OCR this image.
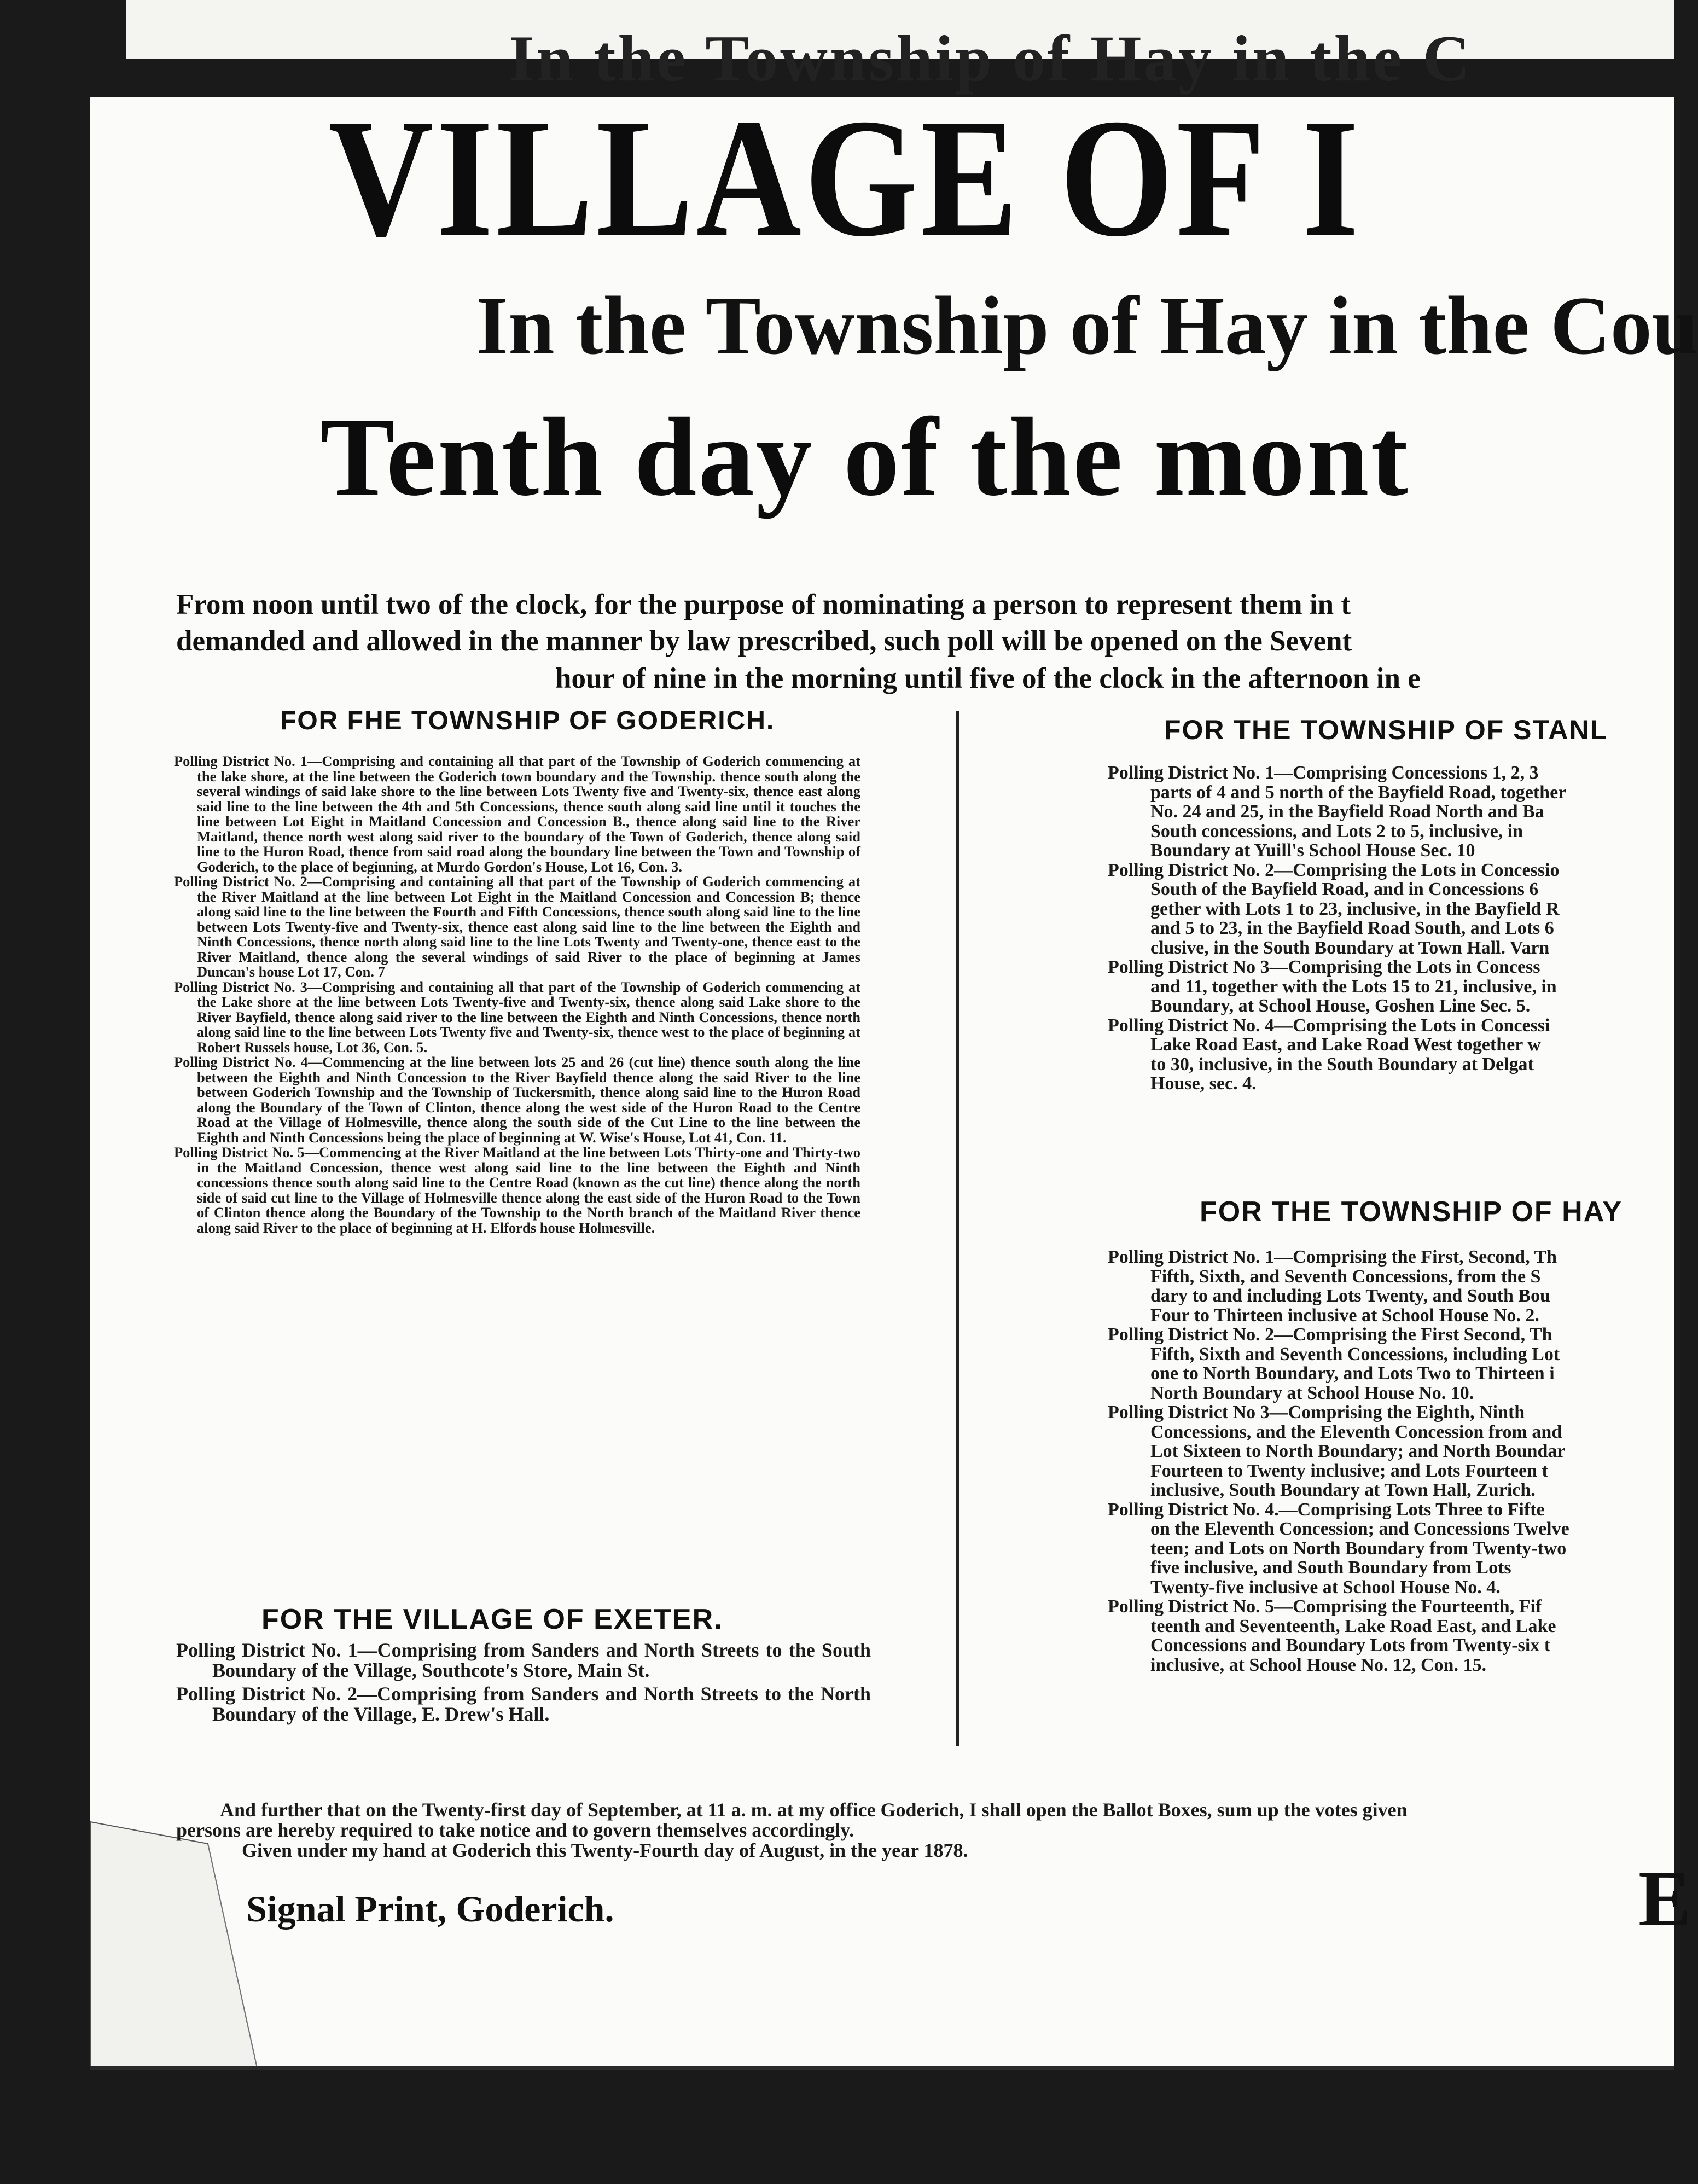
In the Township of Hay in the C
VILLAGE OF I
In the Township of Hay in the Cou
Tenth day of the mont
From noon until two of the clock, for the purpose of nominating a person to represent them in t
demanded and allowed in the manner by law prescribed, such poll will be opened on the Sevent
hour of nine in the morning until five of the clock in the afternoon in e
FOR FHE TOWNSHIP OF GODERICH.

Polling District No. 1—Comprising and containing all that part of the Township of Goderich commencing at the lake shore, at the line between the Goderich town boundary and the Township. thence south along the several windings of said lake shore to the line between Lots Twenty five and Twenty-six, thence east along said line to the line between the 4th and 5th Concessions, thence south along said line until it touches the line between Lot Eight in Maitland Concession and Concession B., thence along said line to the River Maitland, thence north west along said river to the boundary of the Town of Goderich, thence along said line to the Huron Road, thence from said road along the boundary line between the Town and Township of Goderich, to the place of beginning, at Murdo Gordon's House, Lot 16, Con. 3.

Polling District No. 2—Comprising and containing all that part of the Township of Goderich commencing at the River Maitland at the line between Lot Eight in the Maitland Concession and Concession B; thence along said line to the line between the Fourth and Fifth Concessions, thence south along said line to the line between Lots Twenty-five and Twenty-six, thence east along said line to the line between the Eighth and Ninth Concessions, thence north along said line to the line Lots Twenty and Twenty-one, thence east to the River Maitland, thence along the several windings of said River to the place of beginning at James Duncan's house Lot 17, Con. 7

Polling District No. 3—Comprising and containing all that part of the Township of Goderich commencing at the Lake shore at the line between Lots Twenty-five and Twenty-six, thence along said Lake shore to the River Bayfield, thence along said river to the line between the Eighth and Ninth Concessions, thence north along said line to the line between Lots Twenty five and Twenty-six, thence west to the place of beginning at Robert Russels house, Lot 36, Con. 5.

Polling District No. 4—Commencing at the line between lots 25 and 26 (cut line) thence south along the line between the Eighth and Ninth Concession to the River Bayfield thence along the said River to the line between Goderich Township and the Township of Tuckersmith, thence along said line to the Huron Road along the Boundary of the Town of Clinton, thence along the west side of the Huron Road to the Centre Road at the Village of Holmesville, thence along the south side of the Cut Line to the line between the Eighth and Ninth Concessions being the place of beginning at W. Wise's House, Lot 41, Con. 11.

Polling District No. 5—Commencing at the River Maitland at the line between Lots Thirty-one and Thirty-two in the Maitland Concession, thence west along said line to the line between the Eighth and Ninth concessions thence south along said line to the Centre Road (known as the cut line) thence along the north side of said cut line to the Village of Holmesville thence along the east side of the Huron Road to the Town of Clinton thence along the Boundary of the Township to the North branch of the Maitland River thence along said River to the place of beginning at H. Elfords house Holmesville.

FOR THE VILLAGE OF EXETER.

Polling District No. 1—Comprising from Sanders and North Streets to the South Boundary of the Village, Southcote's Store, Main St.

Polling District No. 2—Comprising from Sanders and North Streets to the North Boundary of the Village, E. Drew's Hall.

FOR THE TOWNSHIP OF STANL
Polling District No. 1—Comprising Concessions 1, 2, 3
parts of 4 and 5 north of the Bayfield Road, together
No. 24 and 25, in the Bayfield Road North and Ba
South concessions, and Lots 2 to 5, inclusive, in
Boundary at Yuill's School House Sec. 10
Polling District No. 2—Comprising the Lots in Concessio
South of the Bayfield Road, and in Concessions 6
gether with Lots 1 to 23, inclusive, in the Bayfield R
and 5 to 23, in the Bayfield Road South, and Lots 6
clusive, in the South Boundary at Town Hall. Varn
Polling District No 3—Comprising the Lots in Concess
and 11, together with the Lots 15 to 21, inclusive, in
Boundary, at School House, Goshen Line Sec. 5.
Polling District No. 4—Comprising the Lots in Concessi
Lake Road East, and Lake Road West together w
to 30, inclusive, in the South Boundary at Delgat
House, sec. 4.
FOR THE TOWNSHIP OF HAY
Polling District No. 1—Comprising the First, Second, Th
Fifth, Sixth, and Seventh Concessions, from the S
dary to and including Lots Twenty, and South Bou
Four to Thirteen inclusive at School House No. 2.
Polling District No. 2—Comprising the First Second, Th
Fifth, Sixth and Seventh Concessions, including Lot
one to North Boundary, and Lots Two to Thirteen i
North Boundary at School House No. 10.
Polling District No 3—Comprising the Eighth, Ninth
Concessions, and the Eleventh Concession from and
Lot Sixteen to North Boundary; and North Boundar
Fourteen to Twenty inclusive; and Lots Fourteen t
inclusive, South Boundary at Town Hall, Zurich.
Polling District No. 4.—Comprising Lots Three to Fifte
on the Eleventh Concession; and Concessions Twelve
teen; and Lots on North Boundary from Twenty-two
five inclusive, and South Boundary from Lots
Twenty-five inclusive at School House No. 4.
Polling District No. 5—Comprising the Fourteenth, Fif
teenth and Seventeenth, Lake Road East, and Lake
Concessions and Boundary Lots from Twenty-six t
inclusive, at School House No. 12, Con. 15.
And further that on the Twenty-first day of September, at 11 a. m. at my office Goderich, I shall open the Ballot Boxes, sum up the votes given
persons are hereby required to take notice and to govern themselves accordingly.
Given under my hand at Goderich this Twenty-Fourth day of August, in the year 1878.
E
Signal Print, Goderich.
